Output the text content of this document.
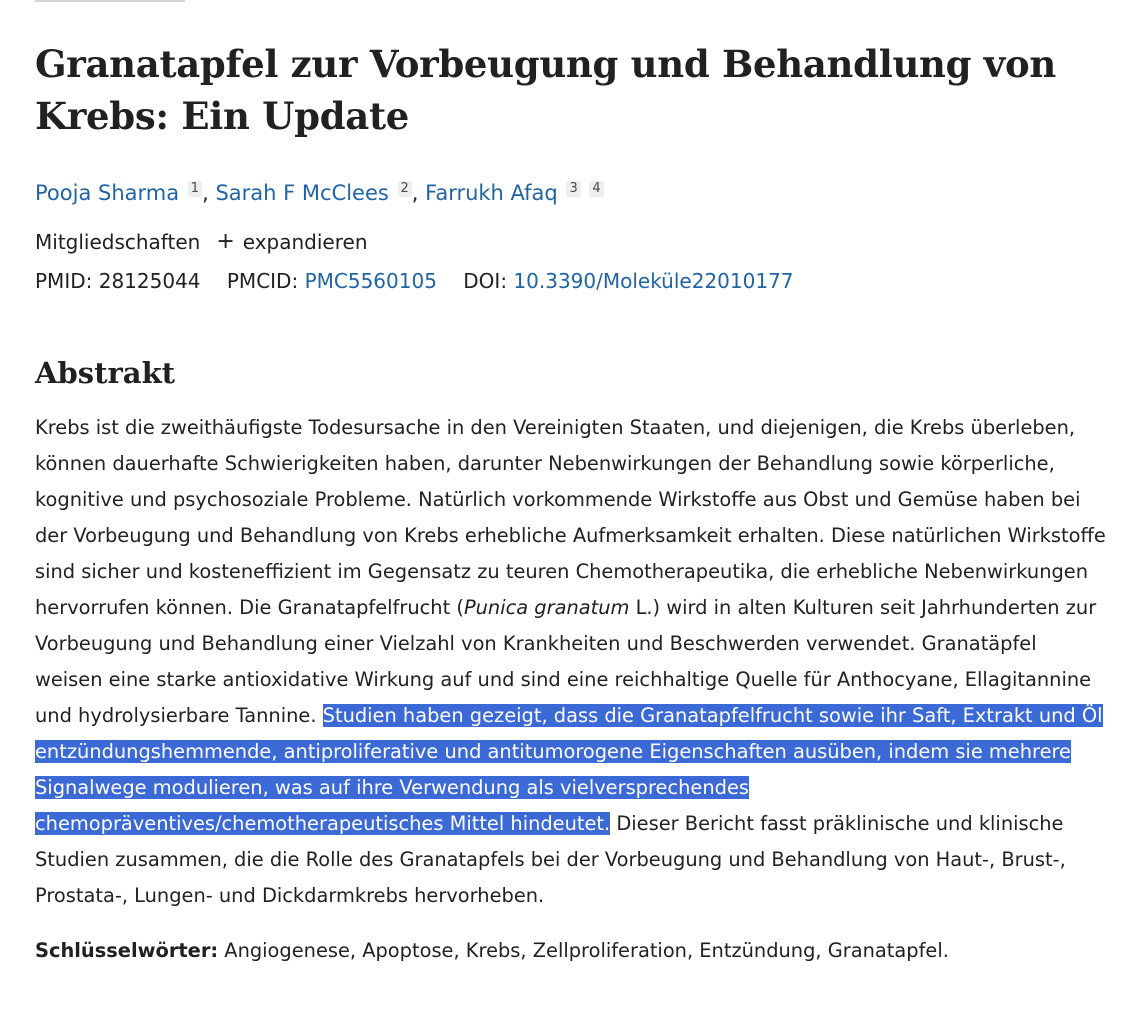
Granatapfel zur Vorbeugung und Behandlung von Krebs: Ein Update
Pooja Sharma 1 , Sarah F McClees 2 , Farrukh Afaq 3 4
Mitgliedschaften + expandieren
PMID: 28125044 PMCID: PMC5560105 DOI: 10.3390/Moleküle22010177
Abstrakt
Krebs ist die zweithäufigste Todesursache in den Vereinigten Staaten, und diejenigen, die Krebs überleben, können dauerhafte Schwierigkeiten haben, darunter Nebenwirkungen der Behandlung sowie körperliche, kognitive und psychosoziale Probleme. Natürlich vorkommende Wirkstoffe aus Obst und Gemüse haben bei der Vorbeugung und Behandlung von Krebs erhebliche Aufmerksamkeit erhalten. Diese natürlichen Wirkstoffe sind sicher und kosteneffizient im Gegensatz zu teuren Chemotherapeutika, die erhebliche Nebenwirkungen hervorrufen können. Die Granatapfelfrucht (Punica granatum L.) wird in alten Kulturen seit Jahrhunderten zur Vorbeugung und Behandlung einer Vielzahl von Krankheiten und Beschwerden verwendet. Granatäpfel weisen eine starke antioxidative Wirkung auf und sind eine reichhaltige Quelle für Anthocyane, Ellagitannine und hydrolysierbare Tannine. Studien haben gezeigt, dass die Granatapfelfrucht sowie ihr Saft, Extrakt und Öl entzündungshemmende, antiproliferative und antitumorogene Eigenschaften ausüben, indem sie mehrere Signalwege modulieren, was auf ihre Verwendung als vielversprechendes chemopräventives/chemotherapeutisches Mittel hindeutet. Dieser Bericht fasst präklinische und klinische Studien zusammen, die die Rolle des Granatapfels bei der Vorbeugung und Behandlung von Haut-, Brust-, Prostata-, Lungen- und Dickdarmkrebs hervorheben.
Schlüsselwörter: Angiogenese, Apoptose, Krebs, Zellproliferation, Entzündung, Granatapfel.
